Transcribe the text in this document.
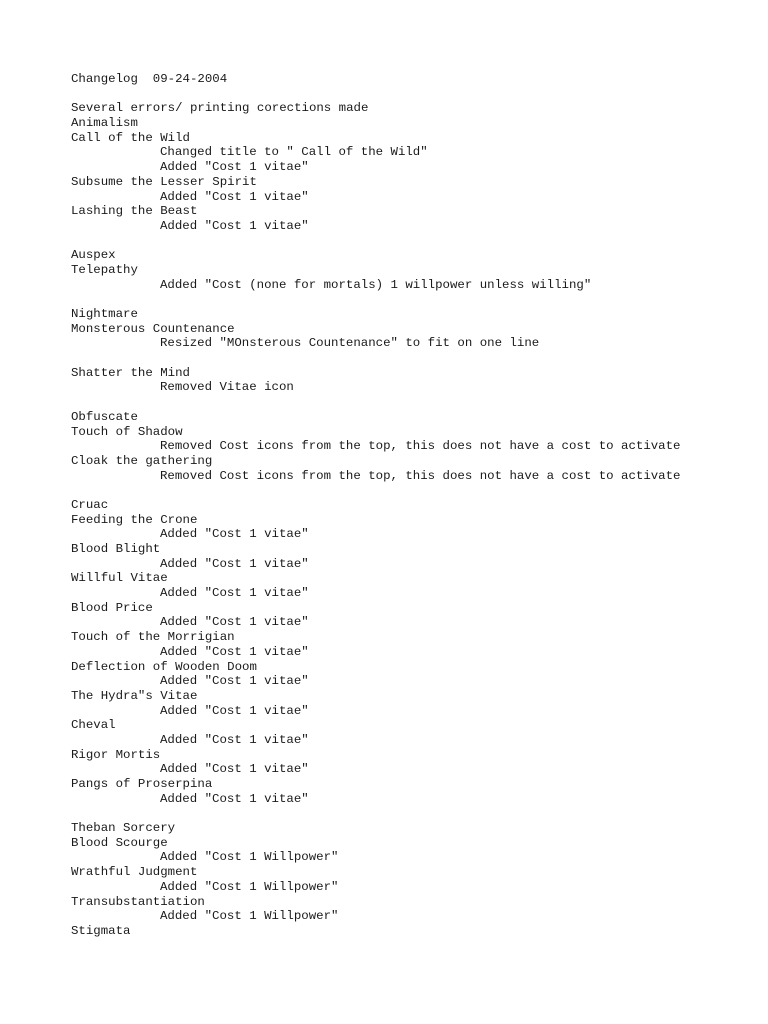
Changelog  09-24-2004
Several errors/ printing corections made
Animalism
Call of the Wild
Changed title to " Call of the Wild"
Added "Cost 1 vitae"
Subsume the Lesser Spirit
Added "Cost 1 vitae"
Lashing the Beast
Added "Cost 1 vitae"
Auspex
Telepathy
Added "Cost (none for mortals) 1 willpower unless willing"
Nightmare
Monsterous Countenance
Resized "MOnsterous Countenance" to fit on one line
Shatter the Mind
Removed Vitae icon
Obfuscate
Touch of Shadow
Removed Cost icons from the top, this does not have a cost to activate
Cloak the gathering
Removed Cost icons from the top, this does not have a cost to activate
Cruac
Feeding the Crone
Added "Cost 1 vitae"
Blood Blight
Added "Cost 1 vitae"
Willful Vitae
Added "Cost 1 vitae"
Blood Price
Added "Cost 1 vitae"
Touch of the Morrigian
Added "Cost 1 vitae"
Deflection of Wooden Doom
Added "Cost 1 vitae"
The Hydra"s Vitae
Added "Cost 1 vitae"
Cheval
Added "Cost 1 vitae"
Rigor Mortis
Added "Cost 1 vitae"
Pangs of Proserpina
Added "Cost 1 vitae"
Theban Sorcery
Blood Scourge
Added "Cost 1 Willpower"
Wrathful Judgment
Added "Cost 1 Willpower"
Transubstantiation
Added "Cost 1 Willpower"
Stigmata
